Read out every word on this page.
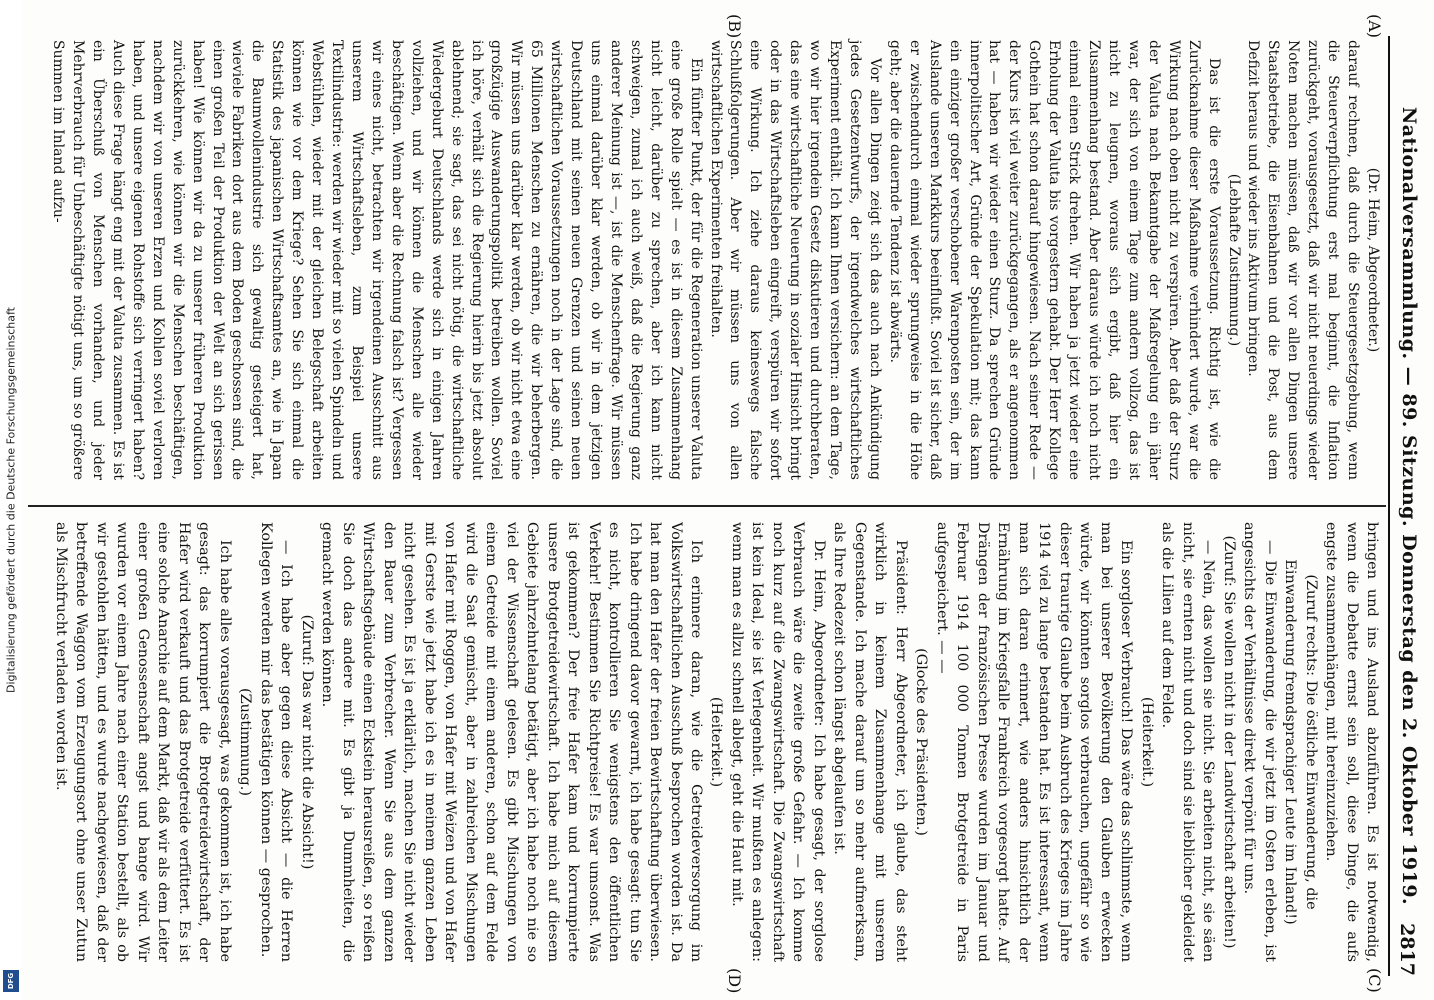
Digitalisierung gefördert durch die Deutsche Forschungsgemeinschaft
DFG
Nationalversammlung. — 89. Sitzung. Donnerstag den 2. Oktober 1919.
2817
(A)
(B)
(C)
(D)

(Dr. Heim, Abgeordneter.)

darauf rechnen, daß durch die Steuergesetzgebung, wenn die Steuerverpflichtung erst mal beginnt, die Inflation zurückgeht, vorausgesetzt, daß wir nicht neuerdings wieder Noten machen müssen, daß wir vor allen Dingen unsere Staatsbetriebe, die Eisenbahnen und die Post, aus dem Defizit heraus und wieder ins Aktivum bringen.

(Lebhafte Zustimmung.)

Das ist die erste Voraussetzung. Richtig ist, wie die Zurücknahme dieser Maßnahme verhindert wurde, war die Wirkung nach oben nicht zu verspüren. Aber daß der Sturz der Valuta nach Bekanntgabe der Maßregelung ein jäher war, der sich von einem Tage zum andern vollzog, das ist nicht zu leugnen, woraus sich ergibt, daß hier ein Zusammenhang bestand. Aber daraus würde ich noch nicht einmal einen Strick drehen. Wir haben ja jetzt wieder eine Erholung der Valuta bis vorgestern gehabt. Der Herr Kollege Gothein hat schon darauf hingewiesen. Nach seiner Rede — der Kurs ist viel weiter zurückgegangen, als er angenommen hat — haben wir wieder einen Sturz. Da sprechen Gründe innerpolitischer Art, Gründe der Spekulation mit; das kann ein einziger großer verschobener Warenposten sein, der im Auslande unseren Markkurs beeinflußt. Soviel ist sicher, daß er zwischendurch einmal wieder sprungweise in die Höhe geht; aber die dauernde Tendenz ist abwärts.

Vor allen Dingen zeigt sich das auch nach Ankündigung jedes Gesetzentwurfs, der irgendwelches wirtschaftliches Experiment enthält. Ich kann Ihnen versichern: an dem Tage, wo wir hier irgendein Gesetz diskutieren und durchberaten, das eine wirtschaftliche Neuerung in sozialer Hinsicht bringt oder in das Wirtschaftsleben eingreift, verspüren wir sofort eine Wirkung. Ich ziehe daraus keineswegs falsche Schlußfolgerungen. Aber wir müssen uns von allen wirtschaftlichen Experimenten freihalten.

Ein fünfter Punkt, der für die Regeneration unserer Valuta eine große Rolle spielt — es ist in diesem Zusammenhang nicht leicht, darüber zu sprechen, aber ich kann nicht schweigen, zumal ich auch weiß, daß die Regierung ganz anderer Meinung ist —, ist die Menschenfrage. Wir müssen uns einmal darüber klar werden, ob wir in dem jetzigen Deutschland mit seinen neuen Grenzen und seinen neuen wirtschaftlichen Voraussetzungen noch in der Lage sind, die 65 Millionen Menschen zu ernähren, die wir beherbergen. Wir müssen uns darüber klar werden, ob wir nicht etwa eine großzügige Auswanderungspolitik betreiben wollen. Soviel ich höre, verhält sich die Regierung hierin bis jetzt absolut ablehnend; sie sagt, das sei nicht nötig, die wirtschaftliche Wiedergeburt Deutschlands werde sich in einigen Jahren vollziehen, und wir können die Menschen alle wieder beschäftigen. Wenn aber die Rechnung falsch ist? Vergessen wir eines nicht, betrachten wir irgendeinen Ausschnitt aus unserem Wirtschaftsleben, zum Beispiel unsere Textilindustrie: werden wir wieder mit so vielen Spindeln und Webstühlen, wieder mit der gleichen Belegschaft arbeiten können wie vor dem Kriege? Sehen Sie sich einmal die Statistik des japanischen Wirtschaftsamtes an, wie in Japan die Baumwollenindustrie sich gewaltig gesteigert hat, wieviele Fabriken dort aus dem Boden geschossen sind, die einen großen Teil der Produktion der Welt an sich gerissen haben! Wie können wir da zu unserer früheren Produktion zurückkehren, wie können wir die Menschen beschäftigen, nachdem wir von unseren Erzen und Kohlen soviel verloren haben, und unsere eigenen Rohstoffe sich verringert haben? Auch diese Frage hängt eng mit der Valuta zusammen. Es ist ein Überschuß von Menschen vorhanden, und jeder Mehrverbrauch für Unbeschäftigte nötigt uns, um so größere Summen im Inland aufzu-

bringen und ins Ausland abzuführen. Es ist notwendig, wenn die Debatte ernst sein soll, diese Dinge, die aufs engste zusammenhängen, mit hereinzuziehen.

(Zuruf rechts: Die östliche Einwanderung, die Einwanderung fremdsprachiger Leute im Inland!)

— Die Einwanderung, die wir jetzt im Osten erleben, ist angesichts der Verhältnisse direkt verpönt für uns.

(Zuruf: Sie wollen nicht in der Landwirtschaft arbeiten!)

— Nein, das wollen sie nicht. Sie arbeiten nicht, sie säen nicht, sie ernten nicht und doch sind sie lieblicher gekleidet als die Lilien auf dem Felde.

(Heiterkeit.)

Ein sorgloser Verbrauch! Das wäre das schlimmste, wenn man bei unserer Bevölkerung den Glauben erwecken würde, wir könnten sorglos verbrauchen, ungefähr so wie dieser traurige Glaube beim Ausbruch des Krieges im Jahre 1914 viel zu lange bestanden hat. Es ist interessant, wenn man sich daran erinnert, wie anders hinsichtlich der Ernährung im Kriegsfalle Frankreich vorgesorgt hatte. Auf Drängen der französischen Presse wurden im Januar und Februar 1914 100 000 Tonnen Brotgetreide in Paris aufgespeichert. — —

(Glocke des Präsidenten.)

Präsident: Herr Abgeordneter, ich glaube, das steht wirklich in keinem Zusammenhange mit unserem Gegenstande. Ich mache darauf um so mehr aufmerksam, als Ihre Redezeit schon längst abgelaufen ist.

Dr. Heim, Abgeordneter: Ich habe gesagt, der sorglose Verbrauch wäre die zweite große Gefahr. — Ich komme noch kurz auf die Zwangswirtschaft. Die Zwangswirtschaft ist kein Ideal, sie ist Verlegenheit. Wir mußten es anlegen: wenn man es allzu schnell ablegt, geht die Haut mit.

(Heiterkeit.)

Ich erinnere daran, wie die Getreideversorgung im Volkswirtschaftlichen Ausschuß besprochen worden ist. Da hat man den Hafer der freien Bewirtschaftung überwiesen. Ich habe dringend davor gewarnt, ich habe gesagt: tun Sie es nicht, kontrollieren Sie wenigstens den öffentlichen Verkehr! Bestimmen Sie Richtpreise! Es war umsonst. Was ist gekommen? Der freie Hafer kam und korrumpierte unsere Brotgetreidewirtschaft. Ich habe mich auf diesem Gebiete jahrzehntelang betätigt, aber ich habe noch nie so viel der Wissenschaft gelesen. Es gibt Mischungen von einem Getreide mit einem anderen, schon auf dem Felde wird die Saat gemischt, aber in zahlreichen Mischungen von Hafer mit Roggen, von Hafer mit Weizen und von Hafer mit Gerste wie jetzt habe ich es in meinem ganzen Leben nicht gesehen. Es ist ja erklärlich, machen Sie nicht wieder den Bauer zum Verbrecher. Wenn Sie aus dem ganzen Wirtschaftsgebäude einen Eckstein herausreißen, so reißen Sie doch das andere mit. Es gibt ja Dummheiten, die gemacht werden können.

(Zuruf: Das war nicht die Absicht!)

— Ich habe aber gegen diese Absicht — die Herren Kollegen werden mir das bestätigen können — gesprochen.

(Zustimmung.)

Ich habe alles vorausgesagt, was gekommen ist, ich habe gesagt: das korrumpiert die Brotgetreidewirtschaft, der Hafer wird verkauft und das Brotgetreide verfüttert. Es ist eine solche Anarchie auf dem Markt, daß wir als dem Leiter einer großen Genossenschaft angst und bange wird. Wir wurden vor einem Jahre nach einer Station bestellt, als ob wir gestohlen hätten, und es wurde nachgewiesen, daß der betreffende Waggon vom Erzeugungsort ohne unser Zutun als Mischfrucht verladen worden ist.
